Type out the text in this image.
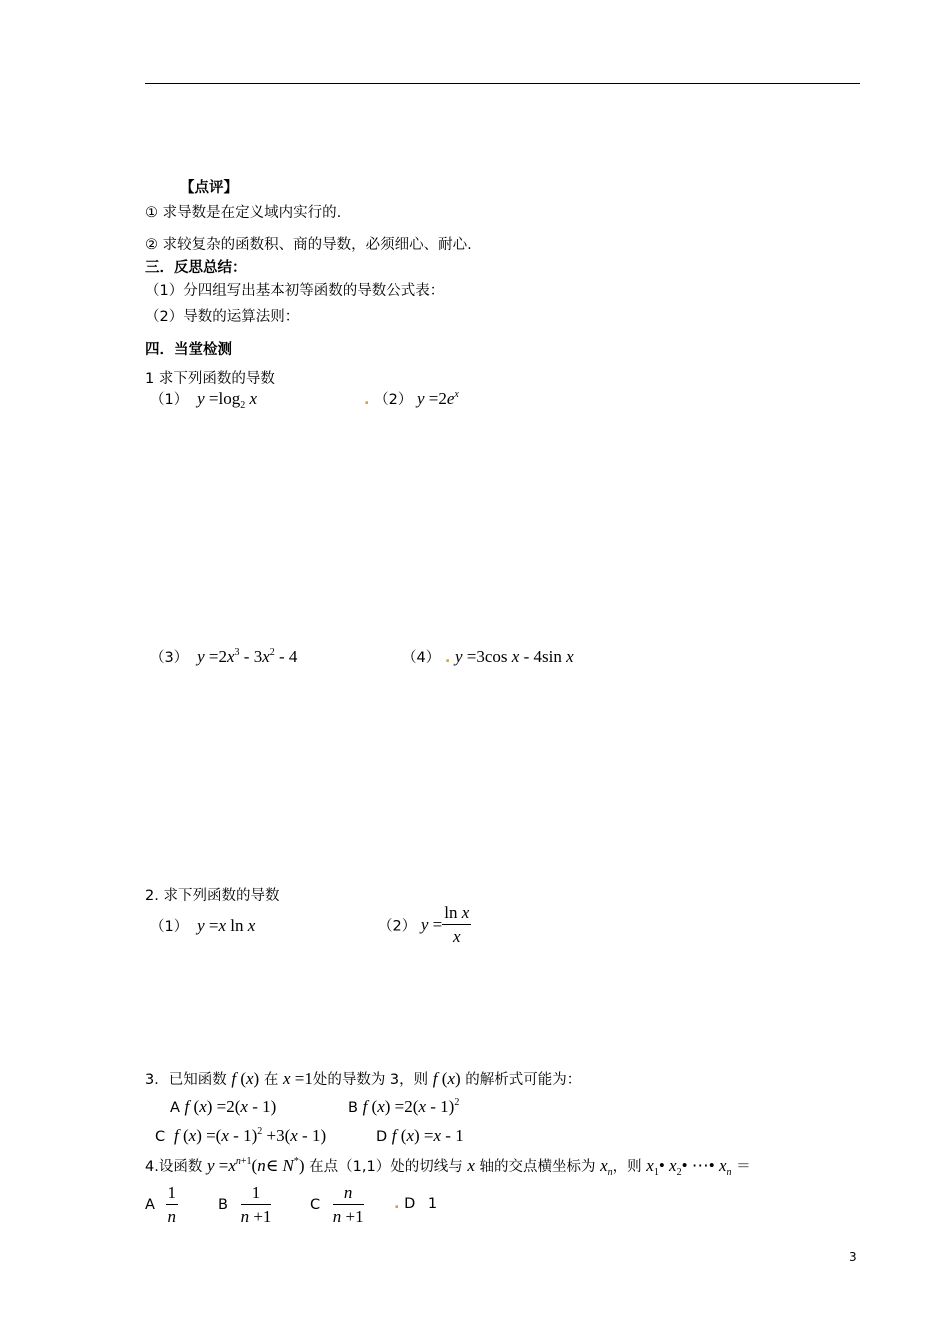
【点评】
① 求导数是在定义域内实行的.
② 求较复杂的函数积、商的导数，必须细心、耐心.
三．反思总结：
（1）分四组写出基本初等函数的导数公式表：
（2）导数的运算法则：
四．当堂检测
1 求下列函数的导数
（1） $y =\log_2$ x	. （2） $y =2e^x$
（3） $y =2x^3 - 3x^2 - 4$	（4） . y =3cos x - 4sin x
2. 求下列函数的导数
（1） y =x ln x	（2） $y = \frac{\text{ln x}}{x}$
3．已知函数 f (x) 在 x =1处的导数为 3，则 f (x) 的解析式可能为：
A f (x) =2(x - 1)	B f (x) =2(x - 1)$^2$
C f (x) =(x - 1)$^2$ +3(x - 1)	D f (x) =x - 1
4.设函数 $y =x^{n+1}(n\in$ N*) 在点（1,1）处的切线与 x 轴的交点横坐标为 $x_n$，则 $x_1•$ $x_2•$ ⋯• $x_n$ ＝
A $\frac{1}{n}$	B $\frac{1}{n +1}$	C $\frac{n}{n +1}$ . D 1
3
